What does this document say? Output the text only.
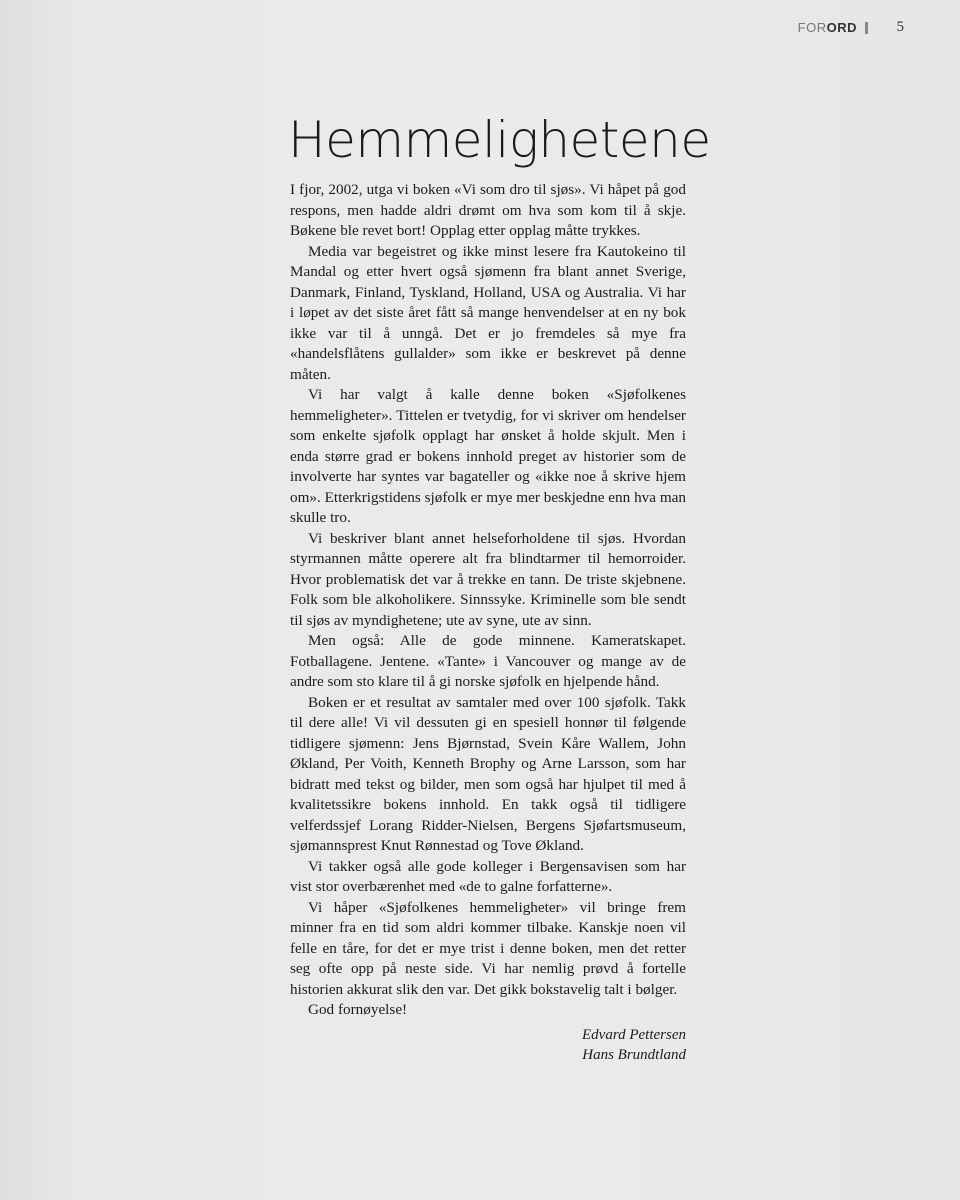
FOR ORD	5
Hemmelighetene

I fjor, 2002, utga vi boken «Vi som dro til sjøs». Vi håpet på god respons, men hadde aldri drømt om hva som kom til å skje. Bøkene ble revet bort! Opplag etter opplag måtte trykkes.

Media var begeistret og ikke minst lesere fra Kautokeino til Mandal og etter hvert også sjømenn fra blant annet Sverige, Danmark, Finland, Tyskland, Holland, USA og Australia. Vi har i løpet av det siste året fått så mange henvendelser at en ny bok ikke var til å unngå. Det er jo fremdeles så mye fra «handelsflåtens gullalder» som ikke er beskrevet på denne måten.

Vi har valgt å kalle denne boken «Sjøfolkenes hemmeligheter». Tittelen er tvetydig, for vi skriver om hendelser som enkelte sjøfolk opplagt har ønsket å holde skjult. Men i enda større grad er bokens innhold preget av historier som de involverte har syntes var bagateller og «ikke noe å skrive hjem om». Etterkrigstidens sjøfolk er mye mer beskjedne enn hva man skulle tro.

Vi beskriver blant annet helseforholdene til sjøs. Hvordan styrmannen måtte operere alt fra blindtarmer til hemorroider. Hvor problematisk det var å trekke en tann. De triste skjebnene. Folk som ble alkoholikere. Sinnssyke. Kriminelle som ble sendt til sjøs av myndighetene; ute av syne, ute av sinn.

Men også: Alle de gode minnene. Kameratskapet. Fotballagene. Jentene. «Tante» i Vancouver og mange av de andre som sto klare til å gi norske sjøfolk en hjelpende hånd.

Boken er et resultat av samtaler med over 100 sjøfolk. Takk til dere alle! Vi vil dessuten gi en spesiell honnør til følgende tidligere sjømenn: Jens Bjørnstad, Svein Kåre Wallem, John Økland, Per Voith, Kenneth Brophy og Arne Larsson, som har bidratt med tekst og bilder, men som også har hjulpet til med å kvalitetssikre bokens innhold. En takk også til tidligere velferdssjef Lorang Ridder-Nielsen, Bergens Sjøfartsmuseum, sjømannsprest Knut Rønnestad og Tove Økland.

Vi takker også alle gode kolleger i Bergensavisen som har vist stor overbærenhet med «de to galne forfatterne».

Vi håper «Sjøfolkenes hemmeligheter» vil bringe frem minner fra en tid som aldri kommer tilbake. Kanskje noen vil felle en tåre, for det er mye trist i denne boken, men det retter seg ofte opp på neste side. Vi har nemlig prøvd å fortelle historien akkurat slik den var. Det gikk bokstavelig talt i bølger.

God fornøyelse!

Edvard Pettersen
Hans Brundtland
